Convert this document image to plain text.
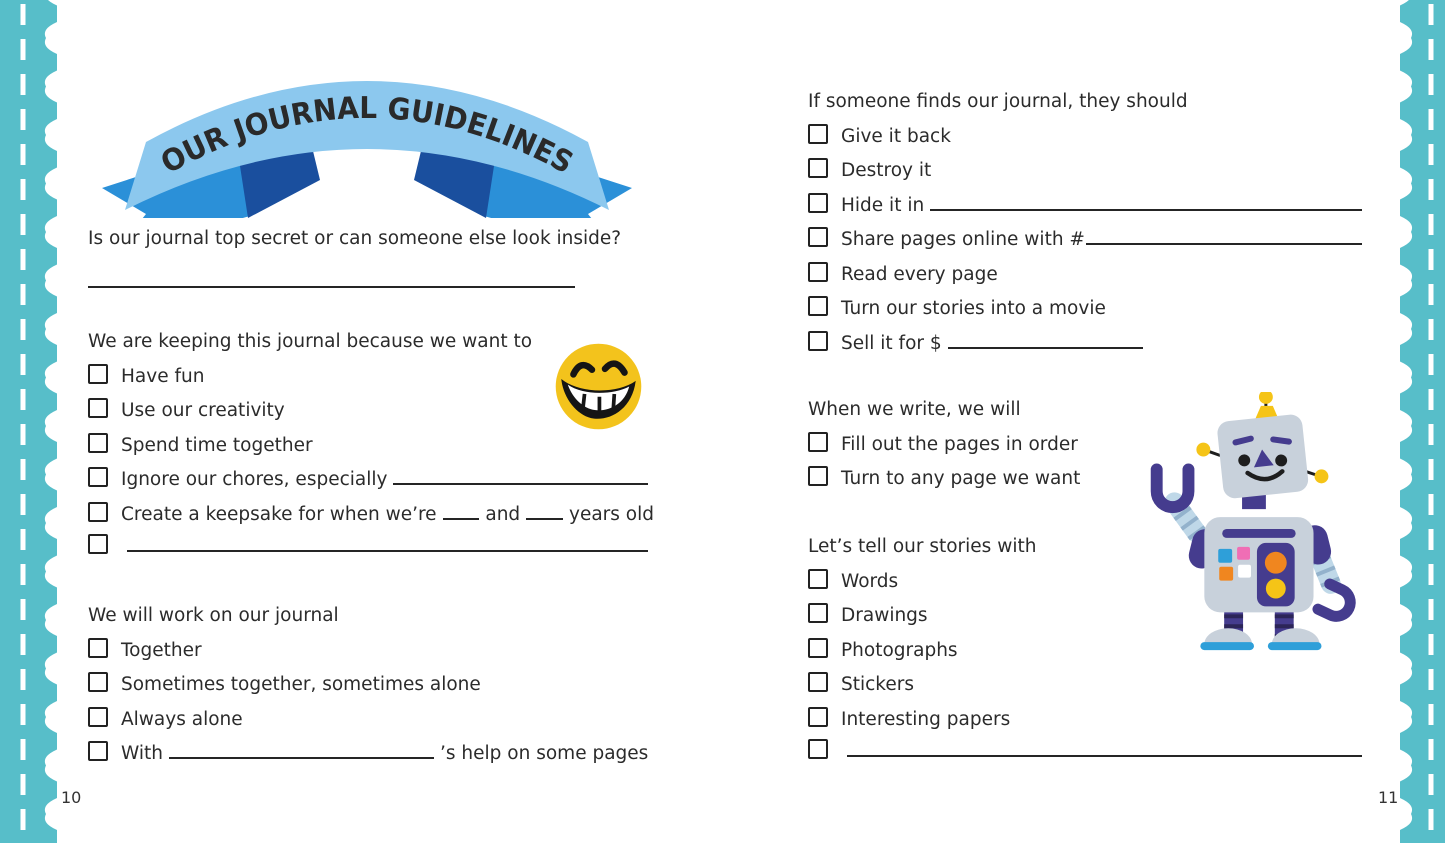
OUR JOURNAL GUIDELINES
Is our journal top secret or can someone else look inside?
We are keeping this journal because we want to
Have fun
Use our creativity
Spend time together
Ignore our chores, especially
Create a keepsake for when we’re	and	years old
We will work on our journal
Together
Sometimes together, sometimes alone
Always alone
With	’s help on some pages
If someone finds our journal, they should
Give it back
Destroy it
Hide it in
Share pages online with #
Read every page
Turn our stories into a movie
Sell it for $
When we write, we will
Fill out the pages in order
Turn to any page we want
Let’s tell our stories with
Words
Drawings
Photographs
Stickers
Interesting papers
10	11
